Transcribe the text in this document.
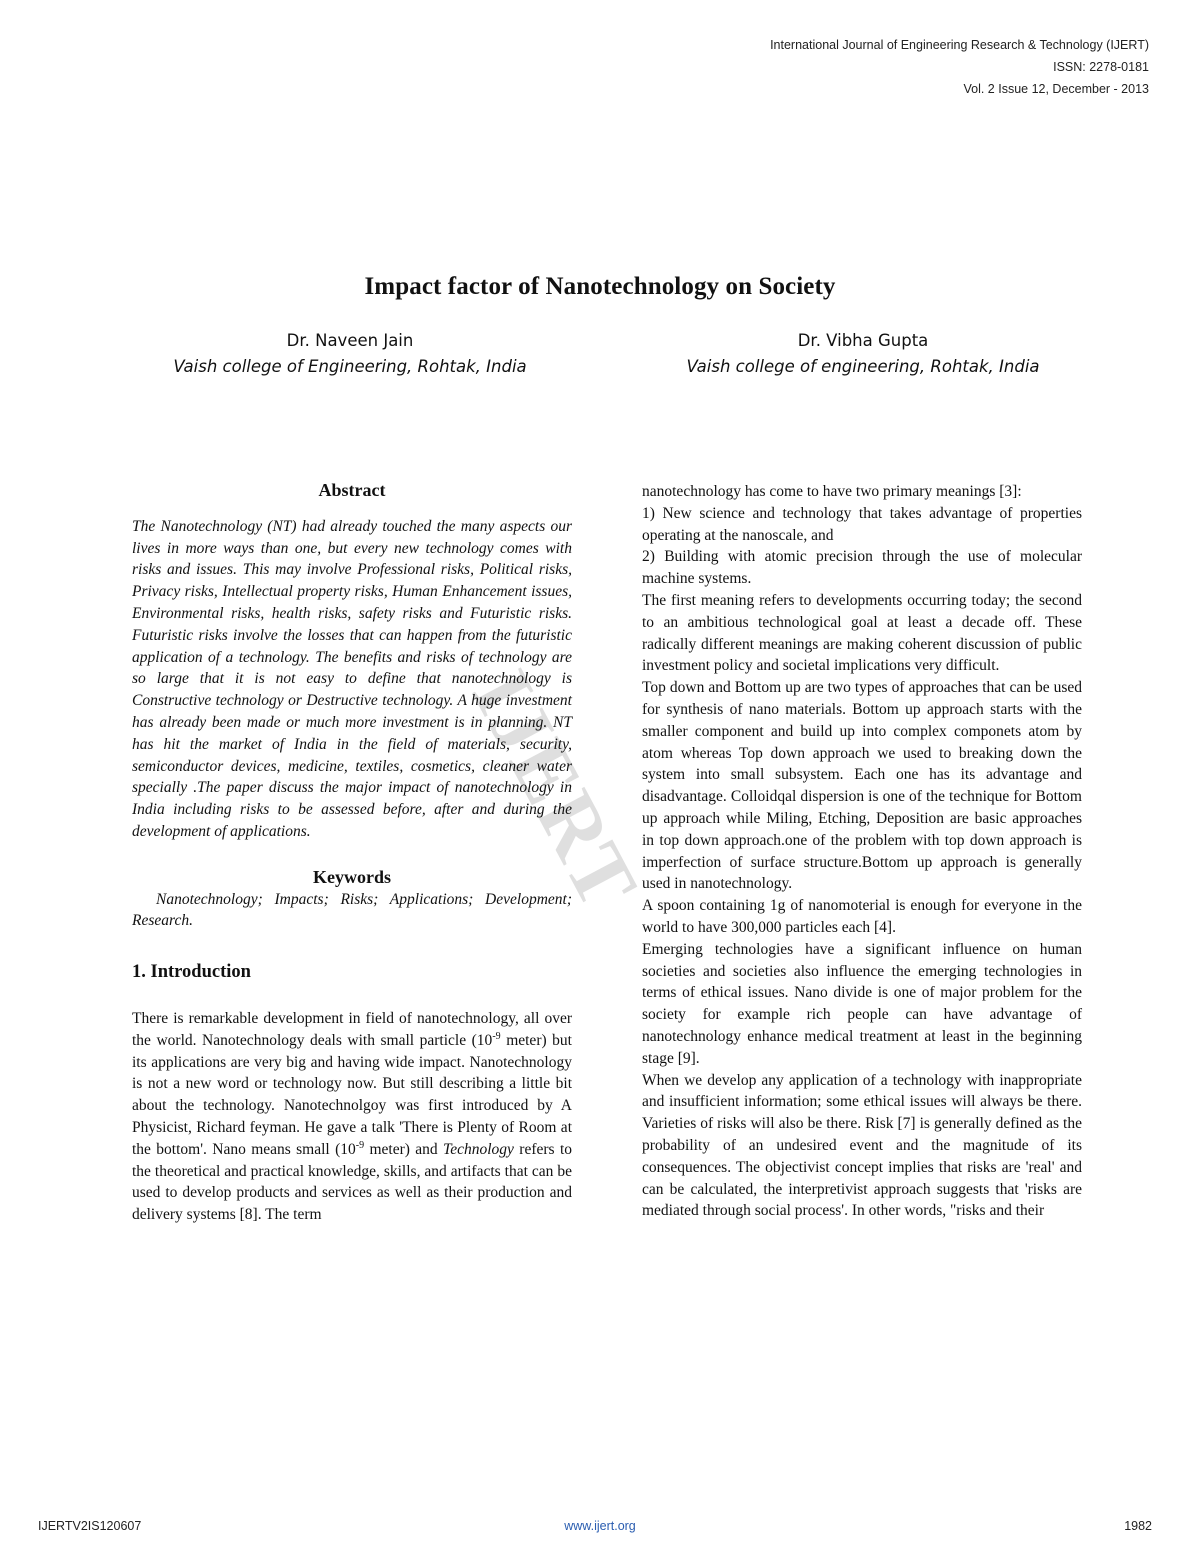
International Journal of Engineering Research & Technology (IJERT)
ISSN: 2278-0181
Vol. 2 Issue 12, December - 2013
IJERT
Impact factor of Nanotechnology on Society
Dr. Naveen Jain
Vaish college of Engineering, Rohtak, India
Dr. Vibha Gupta
Vaish college of engineering, Rohtak, India
Abstract

The Nanotechnology (NT) had already touched the many aspects our lives in more ways than one, but every new technology comes with risks and issues. This may involve Professional risks, Political risks, Privacy risks, Intellectual property risks, Human Enhancement issues, Environmental risks, health risks, safety risks and Futuristic risks. Futuristic risks involve the losses that can happen from the futuristic application of a technology. The benefits and risks of technology are so large that it is not easy to define that nanotechnology is Constructive technology or Destructive technology. A huge investment has already been made or much more investment is in planning. NT has hit the market of India in the field of materials, security, semiconductor devices, medicine, textiles, cosmetics, cleaner water specially .The paper discuss the major impact of nanotechnology in India including risks to be assessed before, after and during the development of applications.

Keywords

Nanotechnology; Impacts; Risks; Applications; Development; Research.

1. Introduction

There is remarkable development in field of nanotechnology, all over the world. Nanotechnology deals with small particle ($10^{-9}$ meter) but its applications are very big and having wide impact. Nanotechnology is not a new word or technology now. But still describing a little bit about the technology. Nanotechnolgoy was first introduced by A Physicist, Richard feyman. He gave a talk 'There is Plenty of Room at the bottom'. Nano means small ($10^{-9}$ meter) and Technology refers to the theoretical and practical knowledge, skills, and artifacts that can be used to develop products and services as well as their production and delivery systems [8]. The term

nanotechnology has come to have two primary meanings [3]:

1) New science and technology that takes advantage of properties operating at the nanoscale, and

2) Building with atomic precision through the use of molecular machine systems.

The first meaning refers to developments occurring today; the second to an ambitious technological goal at least a decade off. These radically different meanings are making coherent discussion of public investment policy and societal implications very difficult.

Top down and Bottom up are two types of approaches that can be used for synthesis of nano materials. Bottom up approach starts with the smaller component and build up into complex componets atom by atom whereas Top down approach we used to breaking down the system into small subsystem. Each one has its advantage and disadvantage. Colloidqal dispersion is one of the technique for Bottom up approach while Miling, Etching, Deposition are basic approaches in top down approach.one of the problem with top down approach is imperfection of surface structure.Bottom up approach is generally used in nanotechnology.

A spoon containing 1g of nanomoterial is enough for everyone in the world to have 300,000 particles each [4].

Emerging technologies have a significant influence on human societies and societies also influence the emerging technologies in terms of ethical issues. Nano divide is one of major problem for the society for example rich people can have advantage of nanotechnology enhance medical treatment at least in the beginning stage [9].

When we develop any application of a technology with inappropriate and insufficient information; some ethical issues will always be there. Varieties of risks will also be there. Risk [7] is generally defined as the probability of an undesired event and the magnitude of its consequences. The objectivist concept implies that risks are 'real' and can be calculated, the interpretivist approach suggests that 'risks are mediated through social process'. In other words, "risks and their

IJERTV2IS120607	www.ijert.org	1982
